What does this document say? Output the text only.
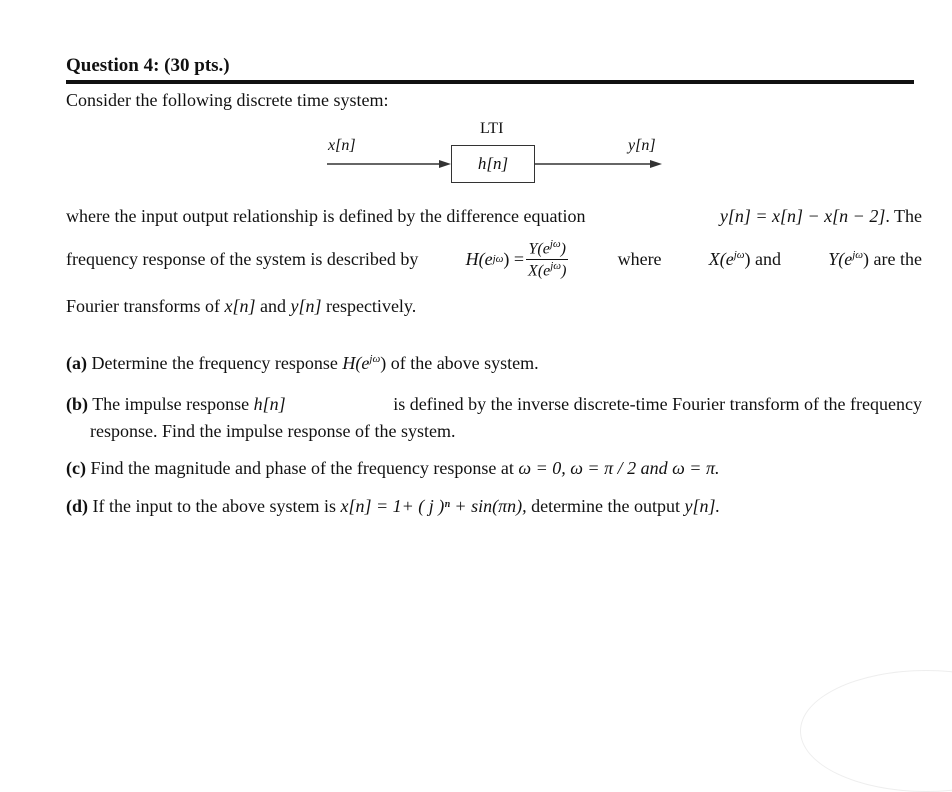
Question 4: (30 pts.)
Consider the following discrete time system:
x[n]	y[n]
LTI
h[n]
where the input output relationship is defined by the difference equation	y[n] = x[n] − x[n − 2]. The
frequency response of the system is described by	H(e jω ) = $\frac{Y(e^{j\omega})}{X(e^{j\omega})}$	where	$X(e^{j\omega})$ and	$Y(e^{j\omega})$ are the
Fourier transforms of x[n] and y[n] respectively.
(a) Determine the frequency response $H(e^{j\omega})$ of the above system.
(b) The impulse response h[n]	is defined by the inverse discrete-time Fourier transform of the frequency
response. Find the impulse response of the system.
(c) Find the magnitude and phase of the frequency response at ω = 0, ω = π / 2 and ω = π.
(d) If the input to the above system is x[n] = 1+ ( j )ⁿ + sin(πn), determine the output y[n].
